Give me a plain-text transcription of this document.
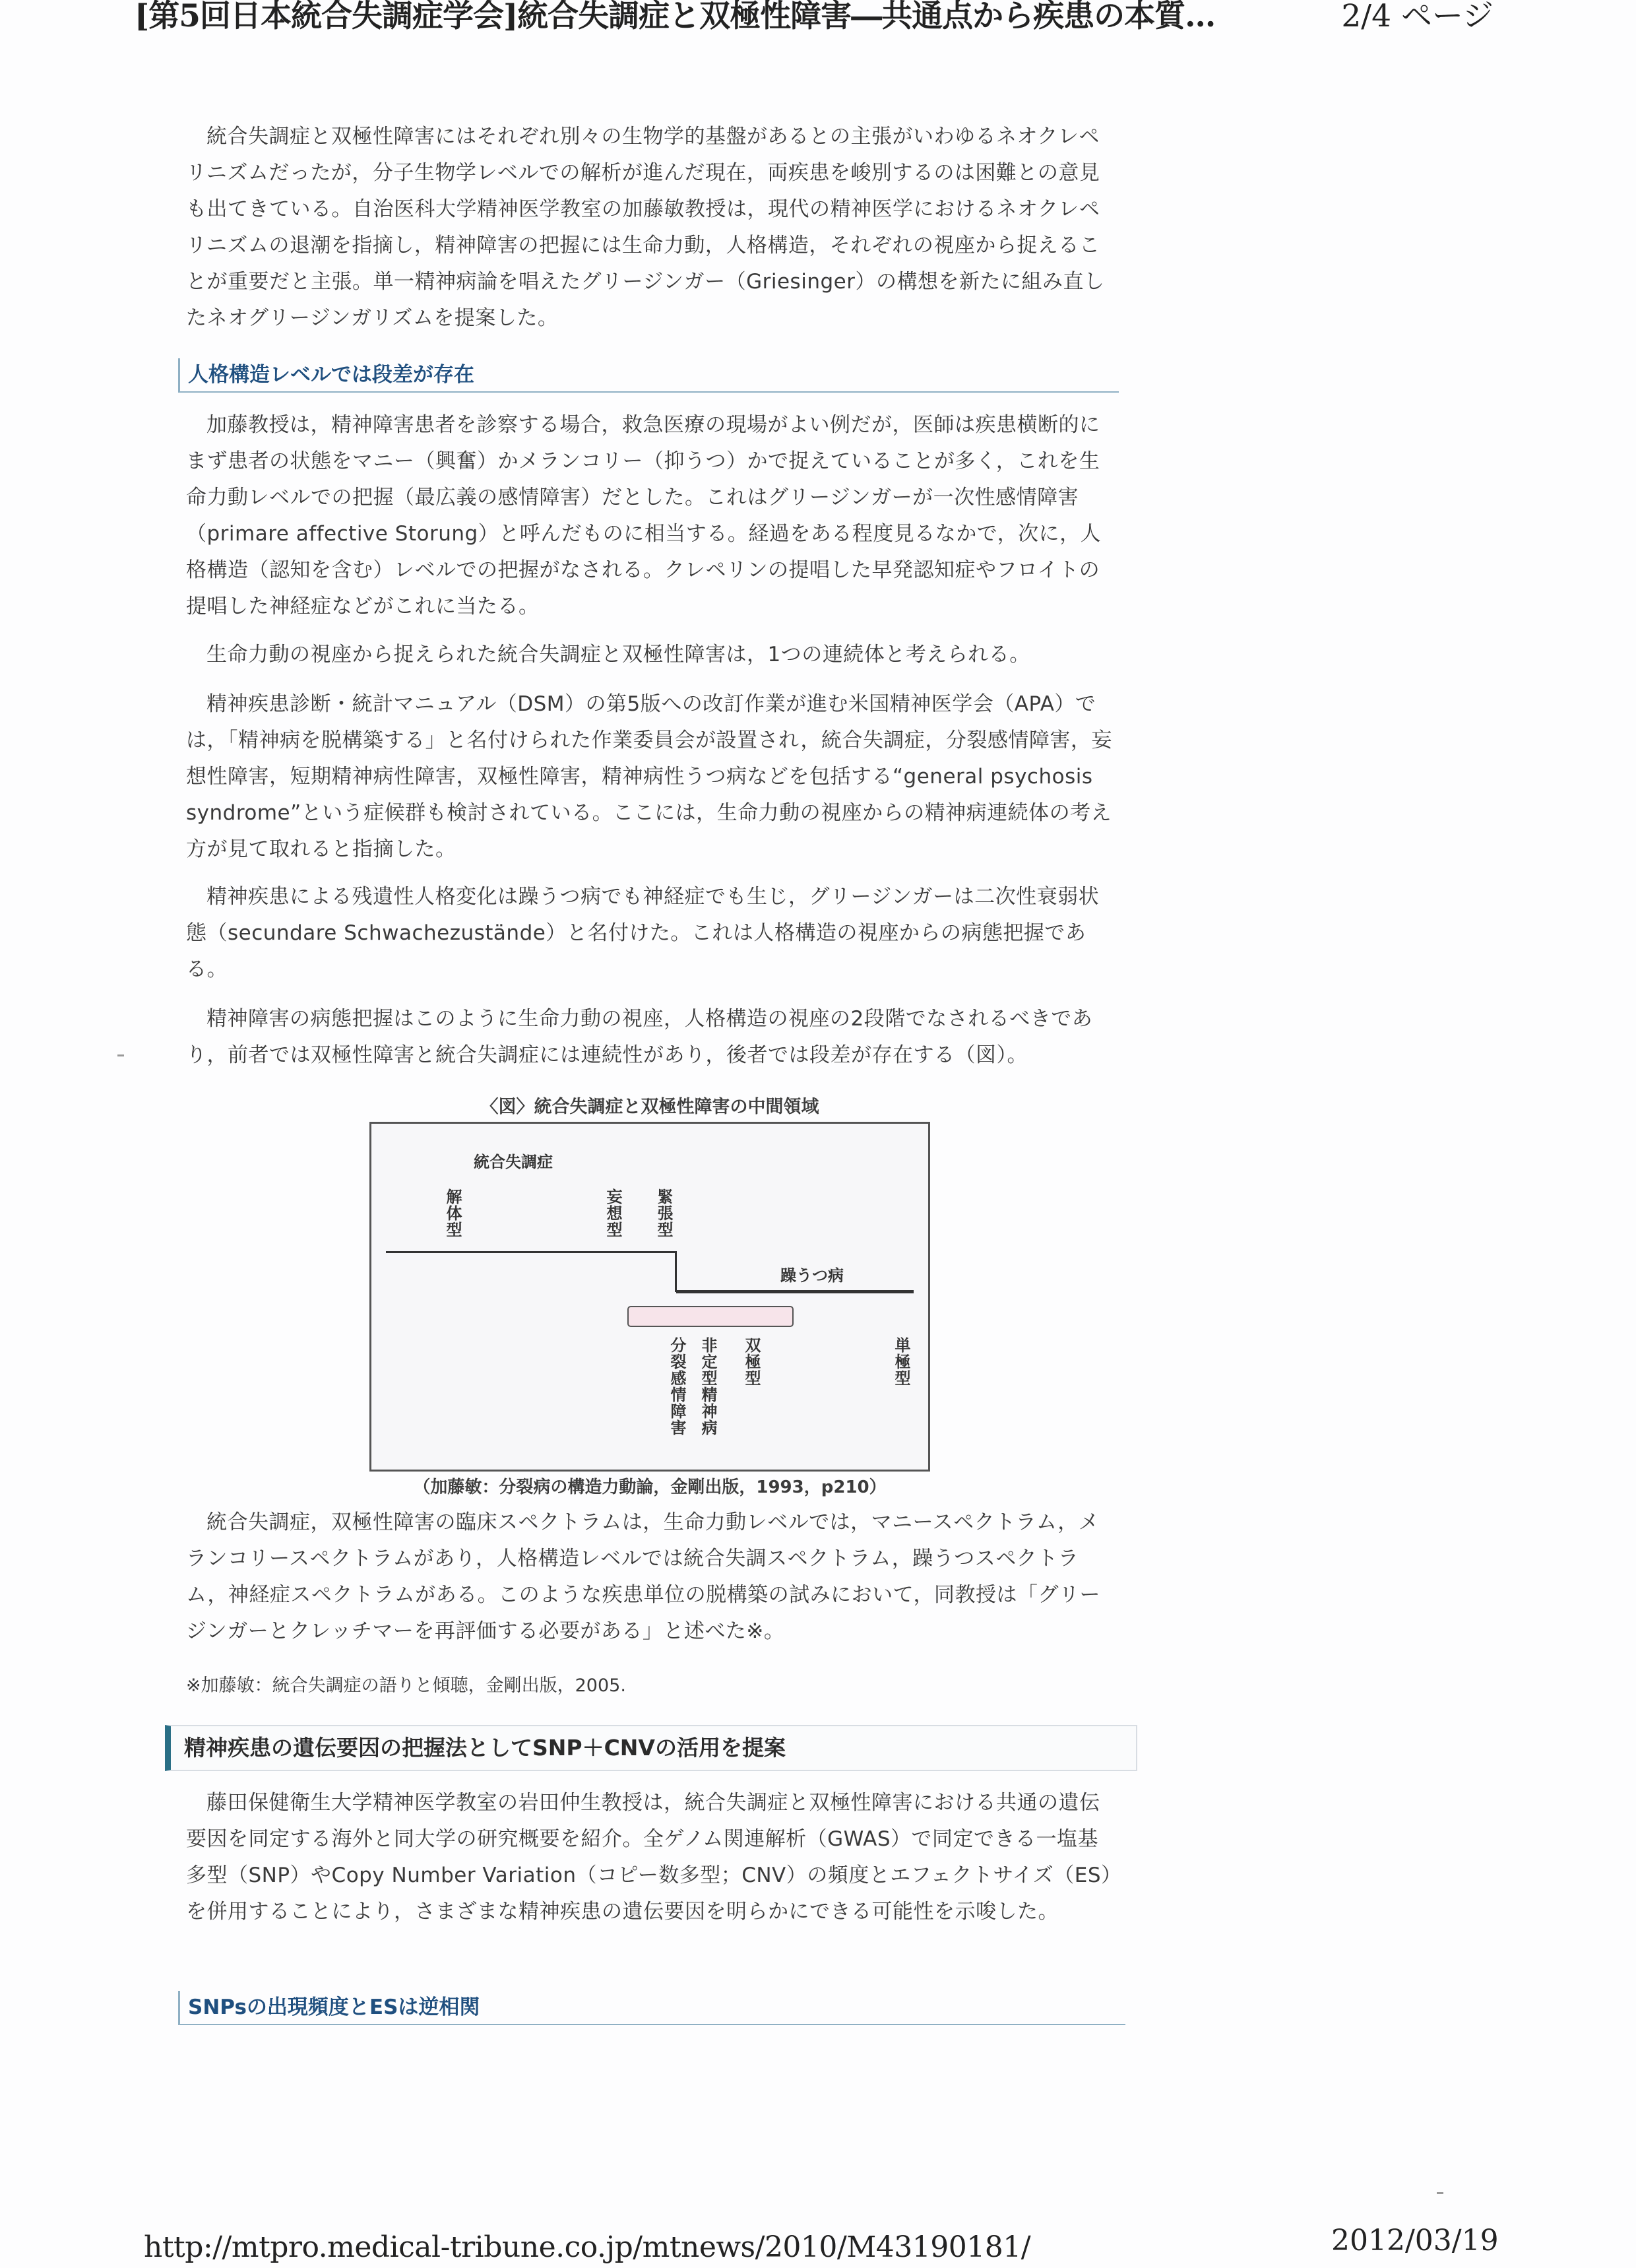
[第5回日本統合失調症学会]統合失調症と双極性障害―共通点から疾患の本質...	2/4 ページ

統合失調症と双極性障害にはそれぞれ別々の生物学的基盤があるとの主張がいわゆるネオクレペリニズムだったが，分子生物学レベルでの解析が進んだ現在，両疾患を峻別するのは困難との意見も出てきている。自治医科大学精神医学教室の加藤敏教授は，現代の精神医学におけるネオクレペリニズムの退潮を指摘し，精神障害の把握には生命力動，人格構造，それぞれの視座から捉えることが重要だと主張。単一精神病論を唱えたグリージンガー（Griesinger）の構想を新たに組み直したネオグリージンガリズムを提案した。

人格構造レベルでは段差が存在

加藤教授は，精神障害患者を診察する場合，救急医療の現場がよい例だが，医師は疾患横断的にまず患者の状態をマニー（興奮）かメランコリー（抑うつ）かで捉えていることが多く，これを生命力動レベルでの把握（最広義の感情障害）だとした。これはグリージンガーが一次性感情障害（primare affective Storung）と呼んだものに相当する。経過をある程度見るなかで，次に，人格構造（認知を含む）レベルでの把握がなされる。クレペリンの提唱した早発認知症やフロイトの提唱した神経症などがこれに当たる。

生命力動の視座から捉えられた統合失調症と双極性障害は，1つの連続体と考えられる。

精神疾患診断・統計マニュアル（DSM）の第5版への改訂作業が進む米国精神医学会（APA）では，「精神病を脱構築する」と名付けられた作業委員会が設置され，統合失調症，分裂感情障害，妄想性障害，短期精神病性障害，双極性障害，精神病性うつ病などを包括する“general psychosis syndrome”という症候群も検討されている。ここには，生命力動の視座からの精神病連続体の考え方が見て取れると指摘した。

精神疾患による残遺性人格変化は躁うつ病でも神経症でも生じ，グリージンガーは二次性衰弱状態（secundare Schwachezustände）と名付けた。これは人格構造の視座からの病態把握である。

精神障害の病態把握はこのように生命力動の視座，人格構造の視座の2段階でなされるべきであり，前者では双極性障害と統合失調症には連続性があり，後者では段差が存在する（図）。

〈図〉統合失調症と双極性障害の中間領域
統合失調症
解体型	妄想型 緊張型
躁うつ病
分裂感情障害 非定型精神病 双極型	単極型
（加藤敏：分裂病の構造力動論，金剛出版，1993，p210）

統合失調症，双極性障害の臨床スペクトラムは，生命力動レベルでは，マニースペクトラム，メランコリースペクトラムがあり，人格構造レベルでは統合失調スペクトラム，躁うつスペクトラム，神経症スペクトラムがある。このような疾患単位の脱構築の試みにおいて，同教授は「グリージンガーとクレッチマーを再評価する必要がある」と述べた※。

※加藤敏：統合失調症の語りと傾聴，金剛出版，2005.
精神疾患の遺伝要因の把握法としてSNP＋CNVの活用を提案

藤田保健衛生大学精神医学教室の岩田仲生教授は，統合失調症と双極性障害における共通の遺伝要因を同定する海外と同大学の研究概要を紹介。全ゲノム関連解析（GWAS）で同定できる一塩基多型（SNP）やCopy Number Variation（コピー数多型；CNV）の頻度とエフェクトサイズ（ES）を併用することにより，さまざまな精神疾患の遺伝要因を明らかにできる可能性を示唆した。

SNPsの出現頻度とESは逆相関
http://mtpro.medical-tribune.co.jp/mtnews/2010/M43190181/	2012/03/19
